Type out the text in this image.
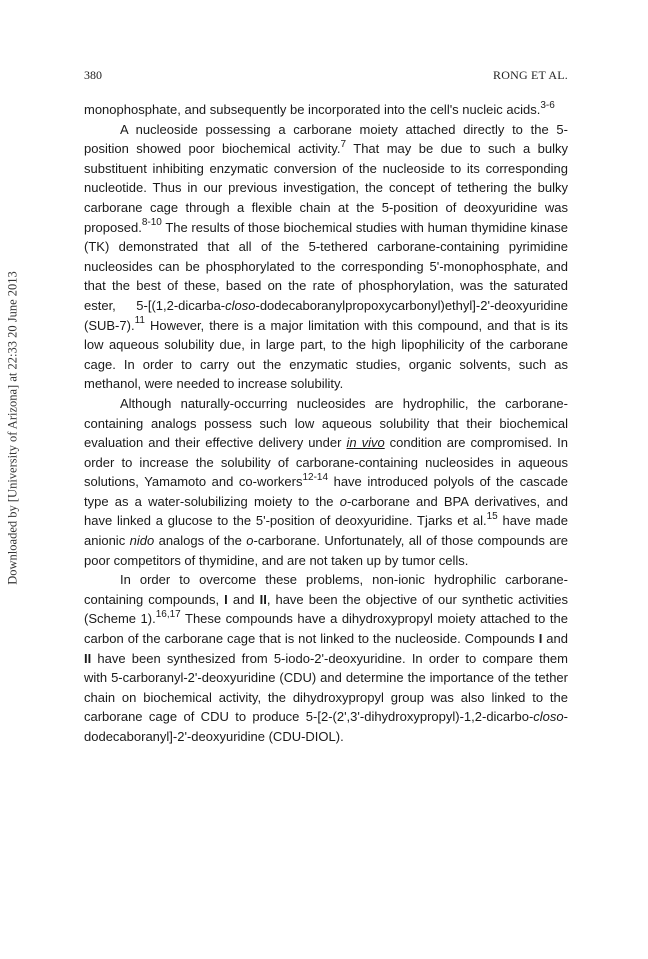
380	RONG ET AL.
Downloaded by [University of Arizona] at 22:33 20 June 2013

monophosphate, and subsequently be incorporated into the cell's nucleic acids.$^{3-6}$

A nucleoside possessing a carborane moiety attached directly to the 5-position showed poor biochemical activity.$^7$ That may be due to such a bulky substituent inhibiting enzymatic conversion of the nucleoside to its corresponding nucleotide. Thus in our previous investigation, the concept of tethering the bulky carborane cage through a flexible chain at the 5-position of deoxyuridine was proposed.$^{8-10}$ The results of those biochemical studies with human thymidine kinase (TK) demonstrated that all of the 5-tethered carborane-containing pyrimidine nucleosides can be phosphorylated to the corresponding 5'-monophosphate, and that the best of these, based on the rate of phosphorylation, was the saturated ester, 5-[(1,2-dicarba-closo-dodecaboranylpropoxycarbonyl)ethyl]-2'-deoxyuridine (SUB-7).$^{11}$ However, there is a major limitation with this compound, and that is its low aqueous solubility due, in large part, to the high lipophilicity of the carborane cage. In order to carry out the enzymatic studies, organic solvents, such as methanol, were needed to increase solubility.

Although naturally-occurring nucleosides are hydrophilic, the carborane-containing analogs possess such low aqueous solubility that their biochemical evaluation and their effective delivery under in vivo condition are compromised. In order to increase the solubility of carborane-containing nucleosides in aqueous solutions, Yamamoto and co-workers$^{12-14}$ have introduced polyols of the cascade type as a water-solubilizing moiety to the o-carborane and BPA derivatives, and have linked a glucose to the 5'-position of deoxyuridine. Tjarks et al.$^{15}$ have made anionic nido analogs of the o-carborane. Unfortunately, all of those compounds are poor competitors of thymidine, and are not taken up by tumor cells.

In order to overcome these problems, non-ionic hydrophilic carborane-containing compounds, I and II, have been the objective of our synthetic activities (Scheme 1).$^{16,17}$ These compounds have a dihydroxypropyl moiety attached to the carbon of the carborane cage that is not linked to the nucleoside. Compounds I and II have been synthesized from 5-iodo-2'-deoxyuridine. In order to compare them with 5-carboranyl-2'-deoxyuridine (CDU) and determine the importance of the tether chain on biochemical activity, the dihydroxypropyl group was also linked to the carborane cage of CDU to produce 5-[2-(2',3'-dihydroxypropyl)-1,2-dicarbo-closo-dodecaboranyl]-2'-deoxyuridine (CDU-DIOL).
